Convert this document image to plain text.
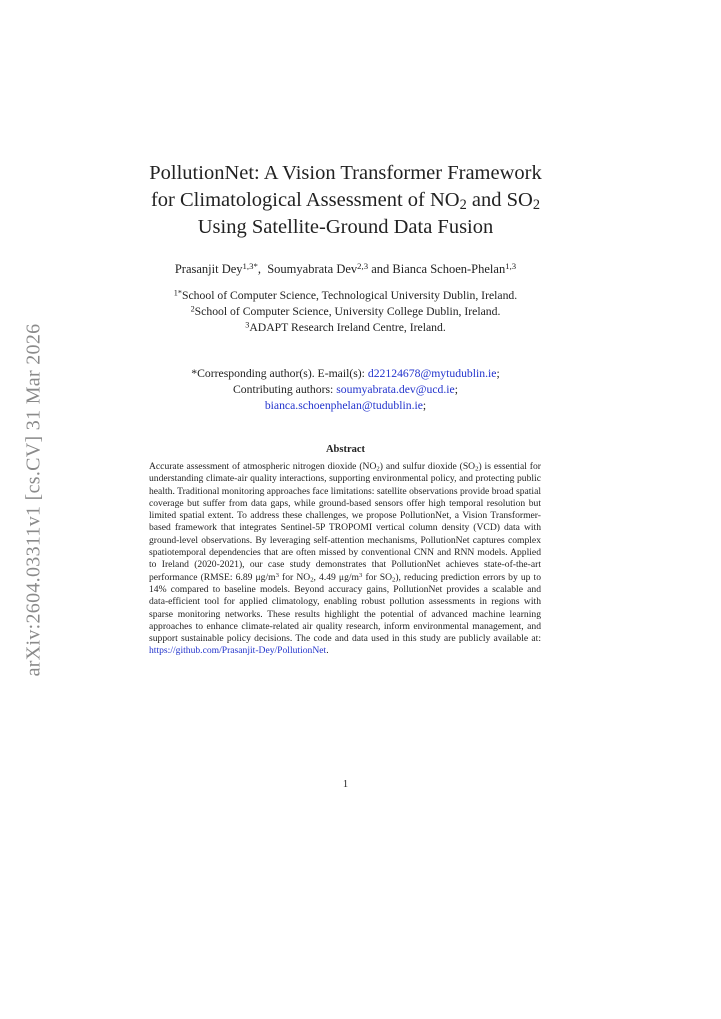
arXiv:2604.03311v1 [cs.CV] 31 Mar 2026
PollutionNet: A Vision Transformer Framework
for Climatological Assessment of $NO_2$ and $SO_2$
Using Satellite-Ground Data Fusion
Prasanjit Dey$^{1,3*}$,  Soumyabrata Dev$^{2,3}$ and Bianca Schoen-Phelan$^{1,3}$
$^{1*}$School of Computer Science, Technological University Dublin, Ireland.
$^2$School of Computer Science, University College Dublin, Ireland.
$^3$ADAPT Research Ireland Centre, Ireland.
*Corresponding author(s). E-mail(s): d22124678@mytudublin.ie;
Contributing authors: soumyabrata.dev@ucd.ie;
bianca.schoenphelan@tudublin.ie;
Abstract
Accurate assessment of atmospheric nitrogen dioxide $(NO_2)$ and sulfur dioxide $(SO_2)$ is essential for understanding climate-air quality interactions, supporting environmental policy, and protecting public health. Traditional monitoring approaches face limitations: satellite observations provide broad spatial coverage but suffer from data gaps, while ground-based sensors offer high temporal resolution but limited spatial extent. To address these challenges, we propose PollutionNet, a Vision Transformer-based framework that integrates Sentinel-5P TROPOMI vertical column density (VCD) data with ground-level observations. By leveraging self-attention mechanisms, PollutionNet captures complex spatiotemporal dependencies that are often missed by conventional CNN and RNN models. Applied to Ireland (2020-2021), our case study demonstrates that PollutionNet achieves state-of-the-art performance (RMSE: 6.89 $\mu g/m^3$ for $NO_2$, 4.49 $\mu g/m^3$ for $SO_2$), reducing prediction errors by up to 14% compared to baseline models. Beyond accuracy gains, PollutionNet provides a scalable and data-efficient tool for applied climatology, enabling robust pollution assessments in regions with sparse monitoring networks. These results highlight the potential of advanced machine learning approaches to enhance climate-related air quality research, inform environmental management, and support sustainable policy decisions. The code and data used in this study are publicly available at: https://github.com/Prasanjit-Dey/PollutionNet.
1
